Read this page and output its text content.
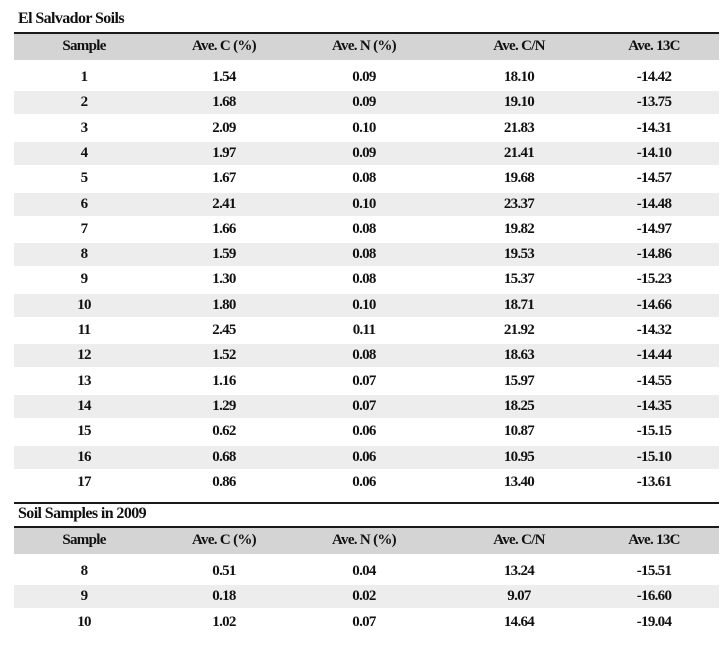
El Salvador Soils
Sample	Ave. C (%)	Ave. N (%)	Ave. C/N	Ave. 13C
1	1.54	0.09	18.10	-14.42
2	1.68	0.09	19.10	-13.75
3	2.09	0.10	21.83	-14.31
4	1.97	0.09	21.41	-14.10
5	1.67	0.08	19.68	-14.57
6	2.41	0.10	23.37	-14.48
7	1.66	0.08	19.82	-14.97
8	1.59	0.08	19.53	-14.86
9	1.30	0.08	15.37	-15.23
10	1.80	0.10	18.71	-14.66
11	2.45	0.11	21.92	-14.32
12	1.52	0.08	18.63	-14.44
13	1.16	0.07	15.97	-14.55
14	1.29	0.07	18.25	-14.35
15	0.62	0.06	10.87	-15.15
16	0.68	0.06	10.95	-15.10
17	0.86	0.06	13.40	-13.61
Soil Samples in 2009
Sample	Ave. C (%)	Ave. N (%)	Ave. C/N	Ave. 13C
8	0.51	0.04	13.24	-15.51
9	0.18	0.02	9.07	-16.60
10	1.02	0.07	14.64	-19.04
